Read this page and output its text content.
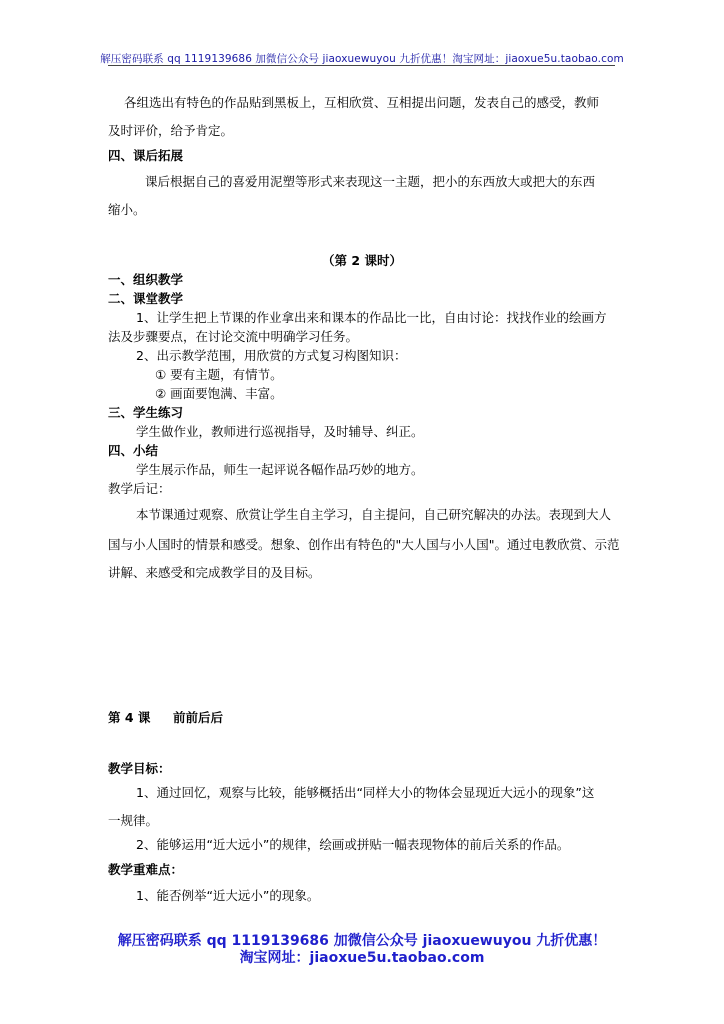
解压密码联系 qq 1119139686 加微信公众号 jiaoxuewuyou 九折优惠！淘宝网址：jiaoxue5u.taobao.com
各组选出有特色的作品贴到黑板上，互相欣赏、互相提出问题，发表自己的感受，教师
及时评价，给予肯定。
四、课后拓展
课后根据自己的喜爱用泥塑等形式来表现这一主题，把小的东西放大或把大的东西
缩小。
（第 2 课时）
一、组织教学
二、课堂教学
1、让学生把上节课的作业拿出来和课本的作品比一比，自由讨论：找找作业的绘画方
法及步骤要点，在讨论交流中明确学习任务。
2、出示教学范围，用欣赏的方式复习构图知识：
① 要有主题，有情节。
② 画面要饱满、丰富。
三、学生练习
学生做作业，教师进行巡视指导，及时辅导、纠正。
四、小结
学生展示作品，师生一起评说各幅作品巧妙的地方。
教学后记：
本节课通过观察、欣赏让学生自主学习，自主提问，自己研究解决的办法。表现到大人
国与小人国时的情景和感受。想象、创作出有特色的"大人国与小人国"。通过电教欣赏、示范
讲解、来感受和完成教学目的及目标。
第 4 课 前前后后
教学目标：
1、通过回忆，观察与比较，能够概括出“同样大小的物体会显现近大远小的现象”这
一规律。
2、能够运用“近大远小”的规律，绘画或拼贴一幅表现物体的前后关系的作品。
教学重难点：
1、能否例举“近大远小”的现象。
解压密码联系 qq 1119139686 加微信公众号 jiaoxuewuyou 九折优惠！
淘宝网址：jiaoxue5u.taobao.com
